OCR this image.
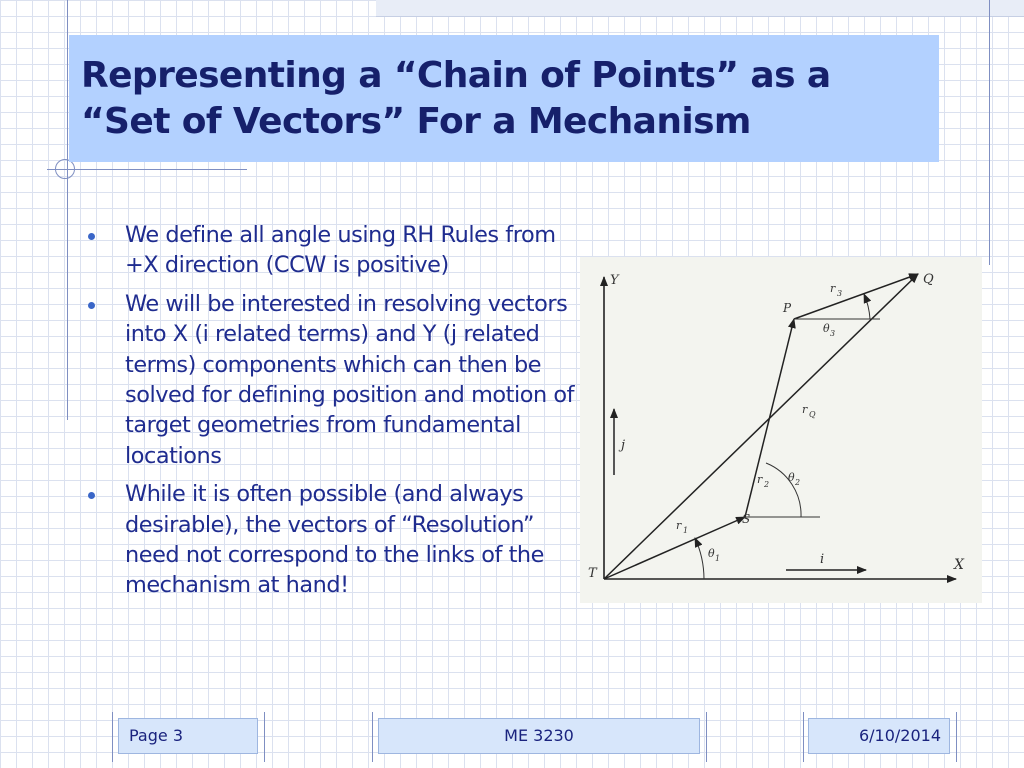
Representing a “Chain of Points” as a “Set of Vectors” For a Mechanism
We define all angle using RH Rules from +X direction (CCW is positive)
We will be interested in resolving vectors into X (i related terms) and Y (j related terms) components which can then be solved for defining position and motion of target geometries from fundamental locations
While it is often possible (and always desirable), the vectors of “Resolution” need not correspond to the links of the mechanism at hand!
Y
X
Q
P
S
T
r 1
r 2
r 3
r Q
θ 1
θ 2
θ 3
i
j
Page 3	ME 3230	6/10/2014
